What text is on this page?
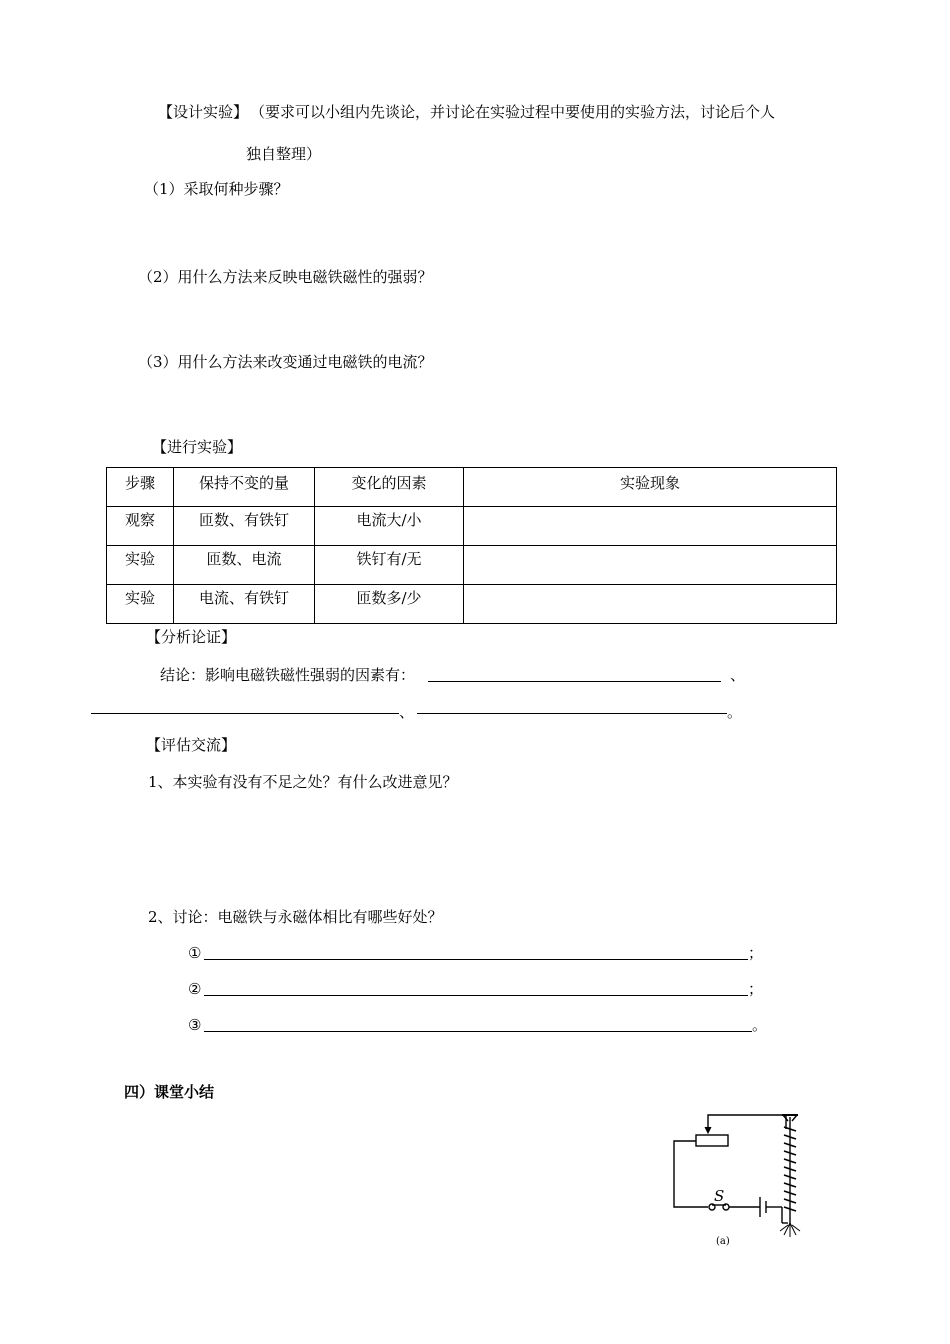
【设计实验】 （要求可以小组内先谈论，并讨论在实验过程中要使用的实验方法，讨论后个人
独自整理）
（1）采取何种步骤？
（2）用什么方法来反映电磁铁磁性的强弱？
（3）用什么方法来改变通过电磁铁的电流？
【进行实验】
步骤	保持不变的量	变化的因素	实验现象
观察	匝数、有铁钉	电流大/小	
实验	匝数、电流	铁钉有/无	
实验	电流、有铁钉	匝数多/少	
【分析论证】
结论：影响电磁铁磁性强弱的因素有：	、
、	。
【评估交流】
1、本实验有没有不足之处？有什么改进意见？
2、讨论：电磁铁与永磁体相比有哪些好处？
①	；
②	；
③	。
四）课堂小结
S
(a)
